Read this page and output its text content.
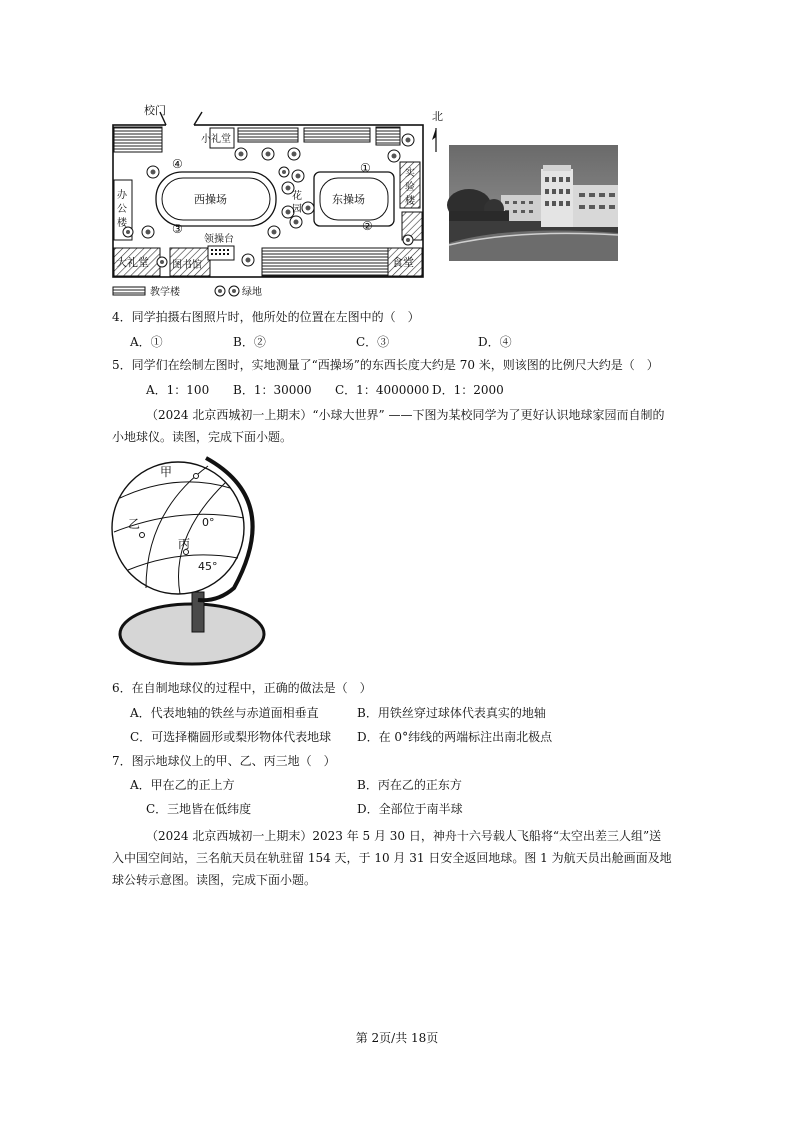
校门	北
小礼堂
西操场	东操场
花
园
实
验
楼
办
公
楼
领操台
大礼堂 图书馆	食堂
①
②
③
④
教学楼	绿地
4．同学拍摄右图照片时，他所处的位置在左图中的（　）
A．①	B．②	C．③	D．④
5．同学们在绘制左图时，实地测量了“西操场”的东西长度大约是 70 米，则该图的比例尺大约是（　）
A．1：100 B．1：30000 C．1：4000000 D．1：2000
（2024 北京西城初一上期末）“小球大世界” ——下图为某校同学为了更好认识地球家园而自制的小地球仪。读图，完成下面小题。
甲
乙
丙
0°
45°
6．在自制地球仪的过程中，正确的做法是（　）
A．代表地轴的铁丝与赤道面相垂直	B．用铁丝穿过球体代表真实的地轴
C．可选择椭圆形或梨形物体代表地球 D．在 0°纬线的两端标注出南北极点
7．图示地球仪上的甲、乙、丙三地（　）
A．甲在乙的正上方	B．丙在乙的正东方
C．三地皆在低纬度	D．全部位于南半球
（2024 北京西城初一上期末）2023 年 5 月 30 日，神舟十六号载人飞船将“太空出差三人组”送入中国空间站，三名航天员在轨驻留 154 天，于 10 月 31 日安全返回地球。图 1 为航天员出舱画面及地球公转示意图。读图，完成下面小题。
第 2页/共 18页
